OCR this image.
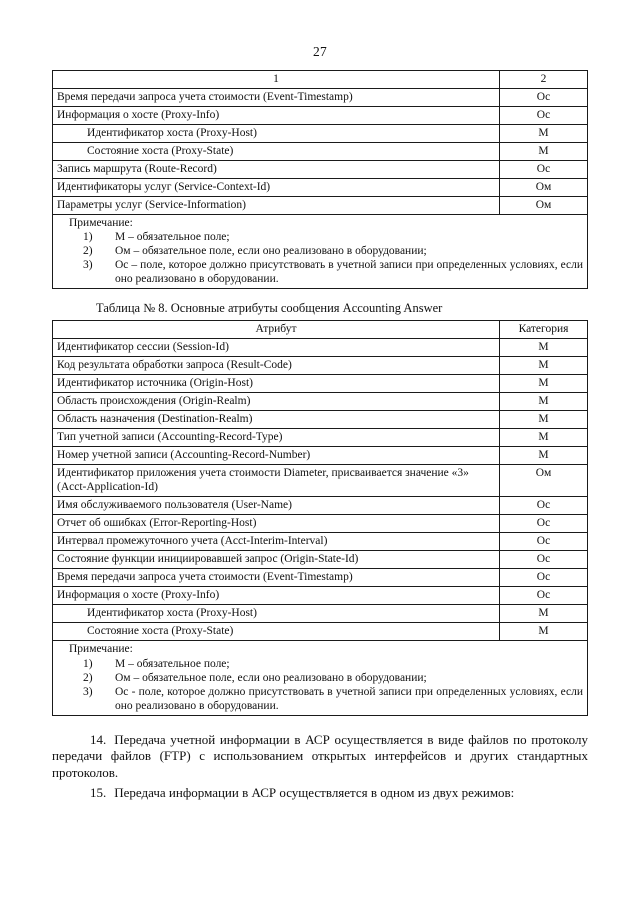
27
1	2
Время передачи запроса учета стоимости (Event-Timestamp)	Ос
Информация о хосте (Proxy-Info)	Ос
Идентификатор хоста (Proxy-Host)	М
Состояние хоста (Proxy-State)	М
Запись маршрута (Route-Record)	Ос
Идентификаторы услуг (Service-Context-Id)	Ом
Параметры услуг (Service-Information)	Ом

Примечание:
1) М – обязательное поле;
2) Ом – обязательное поле, если оно реализовано в оборудовании;
3) Ос – поле, которое должно присутствовать в учетной записи при определенных условиях, если оно реализовано в оборудовании.
Таблица № 8. Основные атрибуты сообщения Accounting Answer
Атрибут	Категория
Идентификатор сессии (Session-Id)	М
Код результата обработки запроса (Result-Code)	М
Идентификатор источника (Origin-Host)	М
Область происхождения (Origin-Realm)	М
Область назначения (Destination-Realm)	М
Тип учетной записи (Accounting-Record-Type)	М
Номер учетной записи (Accounting-Record-Number)	М
Идентификатор приложения учета стоимости Diameter, присваивается значение «3» (Acct-Application-Id)	Ом
Имя обслуживаемого пользователя (User-Name)	Ос
Отчет об ошибках (Error-Reporting-Host)	Ос
Интервал промежуточного учета (Acct-Interim-Interval)	Ос
Состояние функции инициировавшей запрос (Origin-State-Id)	Ос
Время передачи запроса учета стоимости (Event-Timestamp)	Ос
Информация о хосте (Proxy-Info)	Ос
Идентификатор хоста (Proxy-Host)	М
Состояние хоста (Proxy-State)	М

Примечание:
1) М – обязательное поле;
2) Ом – обязательное поле, если оно реализовано в оборудовании;
3) Ос - поле, которое должно присутствовать в учетной записи при определенных условиях, если оно реализовано в оборудовании.

14. Передача учетной информации в АСР осуществляется в виде файлов по протоколу передачи файлов (FTP) с использованием открытых интерфейсов и других стандартных протоколов.

15. Передача информации в АСР осуществляется в одном из двух режимов:
